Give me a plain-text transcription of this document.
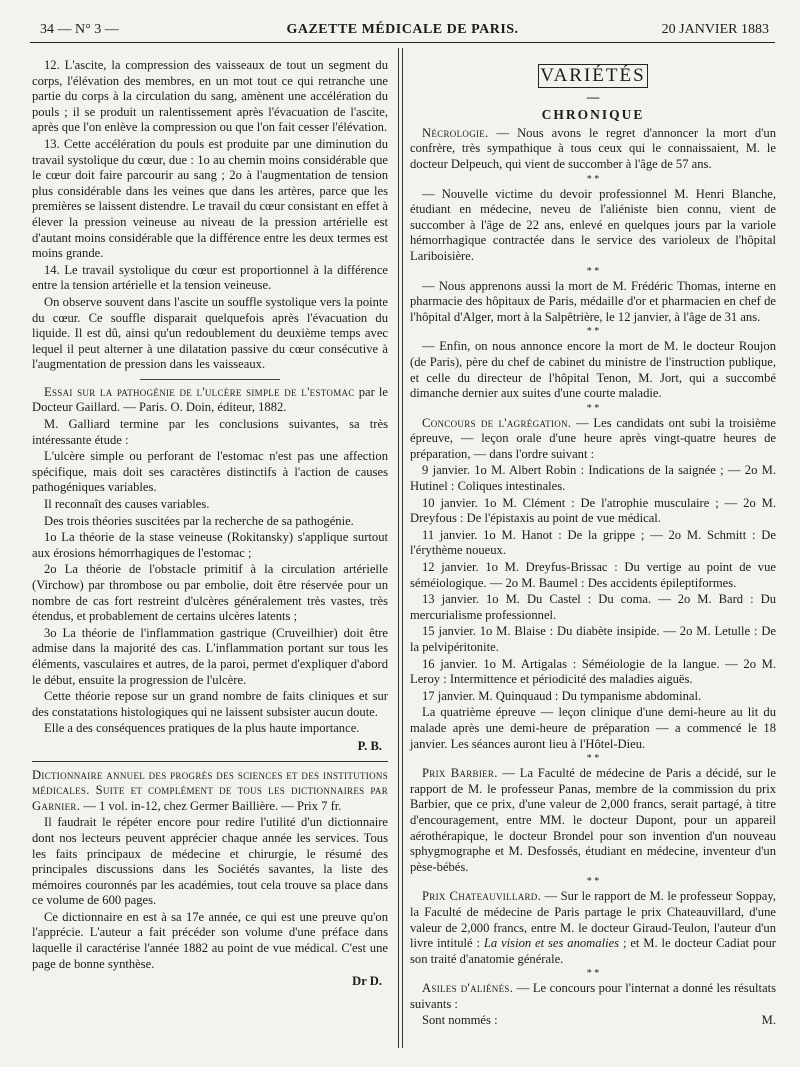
34 — N° 3 —	GAZETTE MÉDICALE DE PARIS.	20 JANVIER 1883

12. L'ascite, la compression des vaisseaux de tout un segment du corps, l'élévation des membres, en un mot tout ce qui retranche une partie du corps à la circulation du sang, amènent une accélération du pouls ; il se produit un ralentissement après l'évacuation de l'ascite, après que l'on enlève la compression ou que l'on fait cesser l'élévation.

13. Cette accélération du pouls est produite par une diminution du travail systolique du cœur, due : 1o au chemin moins considérable que le cœur doit faire parcourir au sang ; 2o à l'augmentation de tension plus considérable dans les veines que dans les artères, parce que les premières se laissent distendre. Le travail du cœur consistant en effet à élever la pression veineuse au niveau de la pression artérielle est d'autant moins considérable que la différence entre les deux termes est moins grande.

14. Le travail systolique du cœur est proportionnel à la différence entre la tension artérielle et la tension veineuse.

On observe souvent dans l'ascite un souffle systolique vers la pointe du cœur. Ce souffle disparait quelquefois après l'évacuation du liquide. Il est dû, ainsi qu'un redoublement du deuxième temps avec lequel il peut alterner à une dilatation passive du cœur consécutive à l'augmentation de pression dans les vaisseaux.

Essai sur la pathogénie de l'ulcère simple de l'estomac par le Docteur Gaillard. — Paris. O. Doin, éditeur, 1882.

M. Galliard termine par les conclusions suivantes, sa très intéressante étude :

L'ulcère simple ou perforant de l'estomac n'est pas une affection spécifique, mais doit ses caractères distinctifs à l'action de causes pathogéniques variables.

Il reconnaît des causes variables.

Des trois théories suscitées par la recherche de sa pathogénie.

1o La théorie de la stase veineuse (Rokitansky) s'applique surtout aux érosions hémorrhagiques de l'estomac ;

2o La théorie de l'obstacle primitif à la circulation artérielle (Virchow) par thrombose ou par embolie, doit être réservée pour un nombre de cas fort restreint d'ulcères généralement très vastes, très étendus, et probablement de certains ulcères latents ;

3o La théorie de l'inflammation gastrique (Cruveilhier) doit être admise dans la majorité des cas. L'inflammation portant sur tous les éléments, vasculaires et autres, de la paroi, permet d'expliquer d'abord le début, ensuite la progression de l'ulcère.

Cette théorie repose sur un grand nombre de faits cliniques et sur des constatations histologiques qui ne laissent subsister aucun doute.

Elle a des conséquences pratiques de la plus haute importance.

P. B.

Dictionnaire annuel des progrès des sciences et des institutions médicales. Suite et complément de tous les dictionnaires par Garnier. — 1 vol. in-12, chez Germer Baillière. — Prix 7 fr.

Il faudrait le répéter encore pour redire l'utilité d'un dictionnaire dont nos lecteurs peuvent apprécier chaque année les services. Tous les faits principaux de médecine et chirurgie, le résumé des principales discussions dans les Sociétés savantes, la liste des mémoires couronnés par les académies, tout cela trouve sa place dans ce volume de 600 pages.

Ce dictionnaire en est à sa 17e année, ce qui est une preuve qu'on l'apprécie. L'auteur a fait précéder son volume d'une préface dans laquelle il caractérise l'année 1882 au point de vue médical. C'est une page de bonne synthèse.

Dr D.
VARIÉTÉS
—
CHRONIQUE

Nécrologie. — Nous avons le regret d'annoncer la mort d'un confrère, très sympathique à tous ceux qui le connaissaient, M. le docteur Delpeuch, qui vient de succomber à l'âge de 57 ans.

* *

— Nouvelle victime du devoir professionnel M. Henri Blanche, étudiant en médecine, neveu de l'aliéniste bien connu, vient de succomber à l'âge de 22 ans, enlevé en quelques jours par la variole hémorrhagique contractée dans le service des varioleux de l'hôpital Lariboisière.

* *

— Nous apprenons aussi la mort de M. Frédéric Thomas, interne en pharmacie des hôpitaux de Paris, médaille d'or et pharmacien en chef de l'hôpital d'Alger, mort à la Salpêtrière, le 12 janvier, à l'âge de 31 ans.

* *

— Enfin, on nous annonce encore la mort de M. le docteur Roujon (de Paris), père du chef de cabinet du ministre de l'instruction publique, et celle du directeur de l'hôpital Tenon, M. Jort, qui a succombé dimanche dernier aux suites d'une courte maladie.

* *

Concours de l'agrégation. — Les candidats ont subi la troisième épreuve, — leçon orale d'une heure après vingt-quatre heures de préparation, — dans l'ordre suivant :

9 janvier. 1o M. Albert Robin : Indications de la saignée ; — 2o M. Hutinel : Coliques intestinales.

10 janvier. 1o M. Clément : De l'atrophie musculaire ; — 2o M. Dreyfous : De l'épistaxis au point de vue médical.

11 janvier. 1o M. Hanot : De la grippe ; — 2o M. Schmitt : De l'érythème noueux.

12 janvier. 1o M. Dreyfus-Brissac : Du vertige au point de vue séméiologique. — 2o M. Baumel : Des accidents épileptiformes.

13 janvier. 1o M. Du Castel : Du coma. — 2o M. Bard : Du mercurialisme professionnel.

15 janvier. 1o M. Blaise : Du diabète insipide. — 2o M. Letulle : De la pelvipéritonite.

16 janvier. 1o M. Artigalas : Séméiologie de la langue. — 2o M. Leroy : Intermittence et périodicité des maladies aiguës.

17 janvier. M. Quinquaud : Du tympanisme abdominal.

La quatrième épreuve — leçon clinique d'une demi-heure au lit du malade après une demi-heure de préparation — a commencé le 18 janvier. Les séances auront lieu à l'Hôtel-Dieu.

* *

Prix Barbier. — La Faculté de médecine de Paris a décidé, sur le rapport de M. le professeur Panas, membre de la commission du prix Barbier, que ce prix, d'une valeur de 2,000 francs, serait partagé, à titre d'encouragement, entre MM. le docteur Dupont, pour un appareil aérothérapique, le docteur Brondel pour son invention d'un nouveau sphygmographe et M. Desfossés, étudiant en médecine, inventeur d'un pèse-bébés.

* *

Prix Chateauvillard. — Sur le rapport de M. le professeur Soppay, la Faculté de médecine de Paris partage le prix Chateauvillard, d'une valeur de 2,000 francs, entre M. le docteur Giraud-Teulon, l'auteur d'un livre intitulé : La vision et ses anomalies ; et M. le docteur Cadiat pour son traité d'anatomie générale.

* *

Asiles d'aliénés. — Le concours pour l'internat a donné les résultats suivants :

Sont nommés :	M.
